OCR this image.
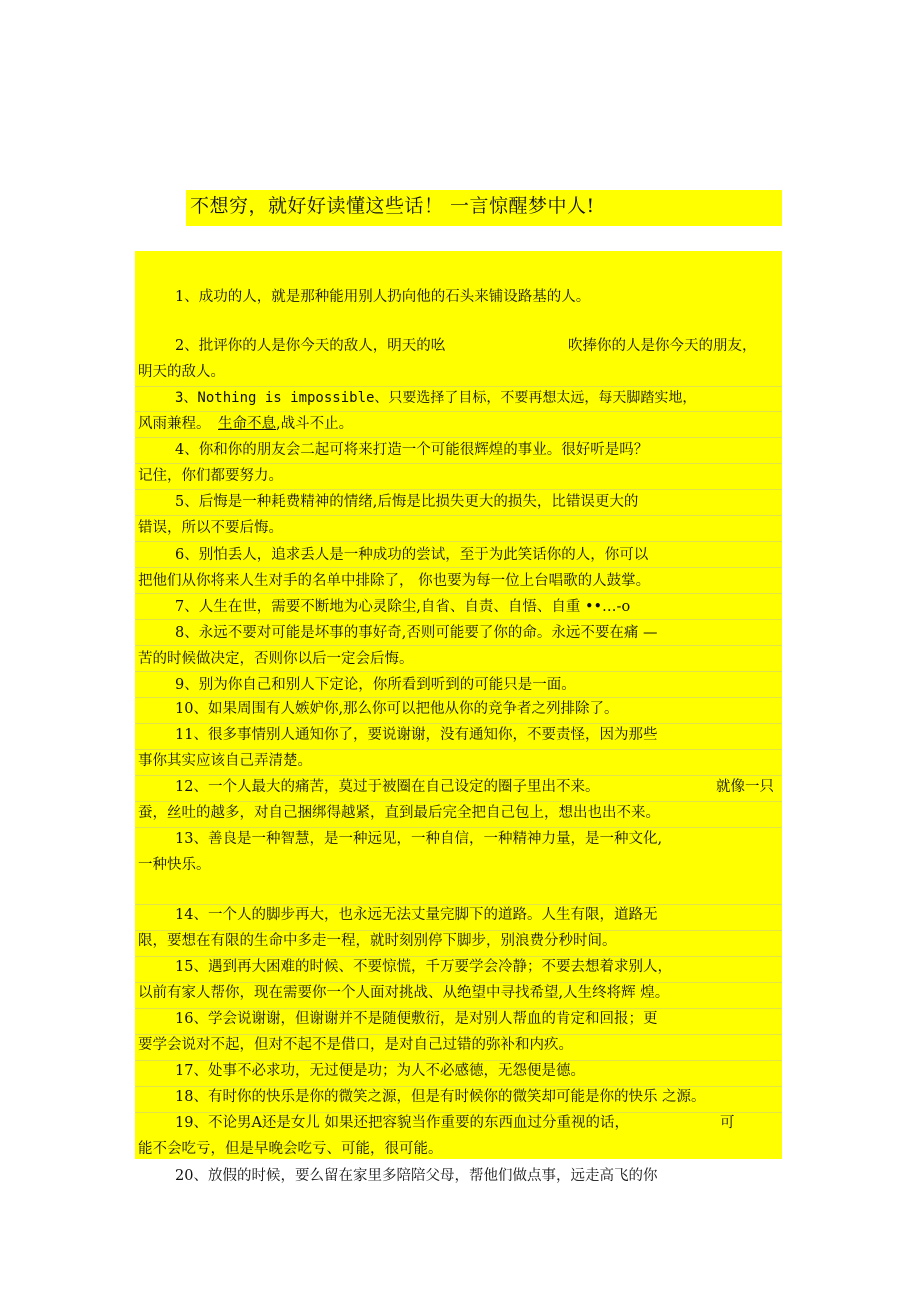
不想穷，就好好读懂这些话！ 一言惊醒梦中人!
1、成功的人，就是那种能用别人扔向他的石头来铺设路基的人。
2、批评你的人是你今天的敌人，明天的吆	吹捧你的人是你今天的朋友，
明天的敌人。
3、Nothing is impossible、只要选择了目标，不要再想太远，每天脚踏实地，
风雨兼程。 生命不息 ,战斗不止。
4、你和你的朋友会二起可将来打造一个可能很辉煌的事业。很好听是吗？
记住，你们都要努力。
5、后悔是一种耗费精神的情绪,后悔是比损失更大的损失，比错误更大的
错误，所以不要后悔。
6、别怕丢人，追求丢人是一种成功的尝试，至于为此笑话你的人，你可以
把他们从你将来人生对手的名单中排除了， 你也要为每一位上台唱歌的人鼓掌。
7、人生在世，需要不断地为心灵除尘,自省、自责、自悟、自重 ••…-o
8、永远不要对可能是坏事的事好奇,否则可能要了你的命。永远不要在痛 —
苦的时候做决定，否则你以后一定会后悔。
9、别为你自己和别人下定论，你所看到听到的可能只是一面。
10、如果周围有人嫉妒你,那么你可以把他从你的竞争者之列排除了。
11、很多事情别人通知你了，要说谢谢，没有通知你，不要责怪，因为那些
事你其实应该自己弄清楚。
12、一个人最大的痛苦，莫过于被圈在自己设定的圈子里出不来。	就像一只
蚕，丝吐的越多，对自己捆绑得越紧，直到最后完全把自己包上，想出也出不来。
13、善良是一种智慧，是一种远见，一种自信，一种精神力量，是一种文化,
一种快乐。
14、一个人的脚步再大，也永远无法丈量完脚下的道路。人生有限，道路无
限，要想在有限的生命中多走一程，就时刻别停下脚步，别浪费分秒时间。
15、遇到再大困难的时候、不要惊慌，千万要学会冷静；不要去想着求别人，
以前有家人帮你，现在需要你一个人面对挑战、从绝望中寻找希望,人生终将辉 煌。
16、学会说谢谢，但谢谢并不是随便敷衍，是对别人帮血的肯定和回报；更
要学会说对不起，但对不起不是借口，是对自己过错的弥补和内疚。
17、处事不必求功，无过便是功；为人不必感德，无怨便是德。
18、有时你的快乐是你的微笑之源，但是有时候你的微笑却可能是你的快乐 之源。
19、不论男A还是女儿 如果还把容貌当作重要的东西血过分重视的话，	可
能不会吃亏，但是早晚会吃亏、可能，很可能。
20、放假的时候，要么留在家里多陪陪父母，帮他们做点事，远走高飞的你
